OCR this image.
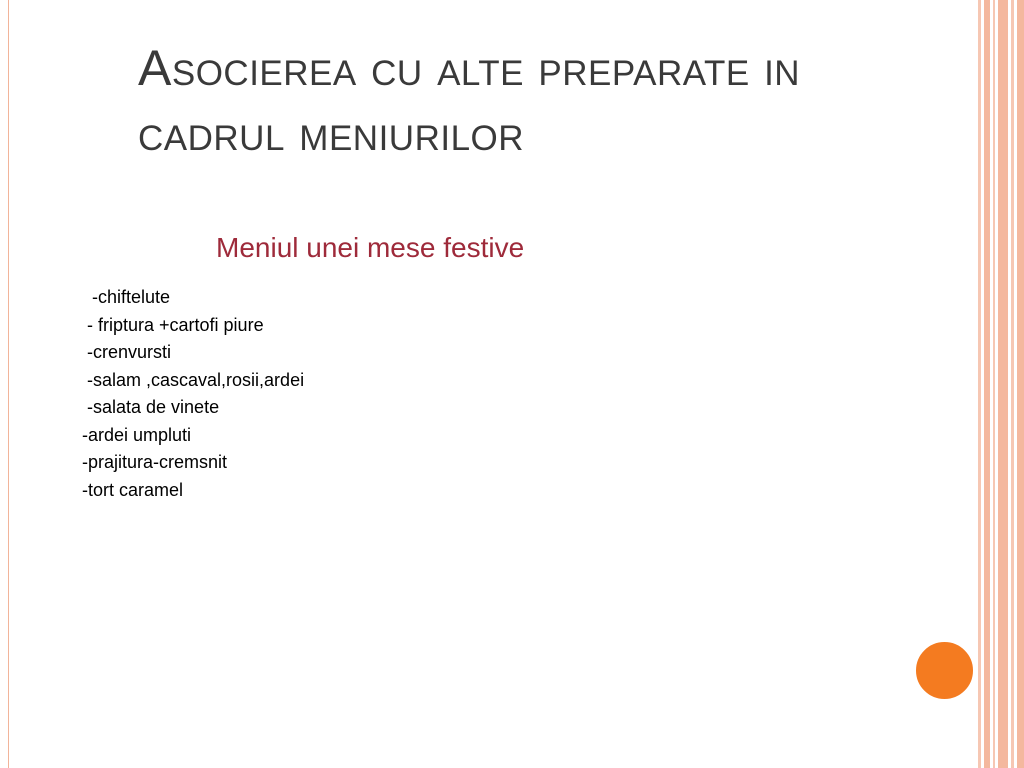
Asocierea cu alte preparate in
cadrul meniurilor
Meniul unei mese festive
-chiftelute
- friptura +cartofi piure
-crenvursti
-salam ,cascaval,rosii,ardei
-salata de vinete
-ardei umpluti
-prajitura-cremsnit
-tort caramel
